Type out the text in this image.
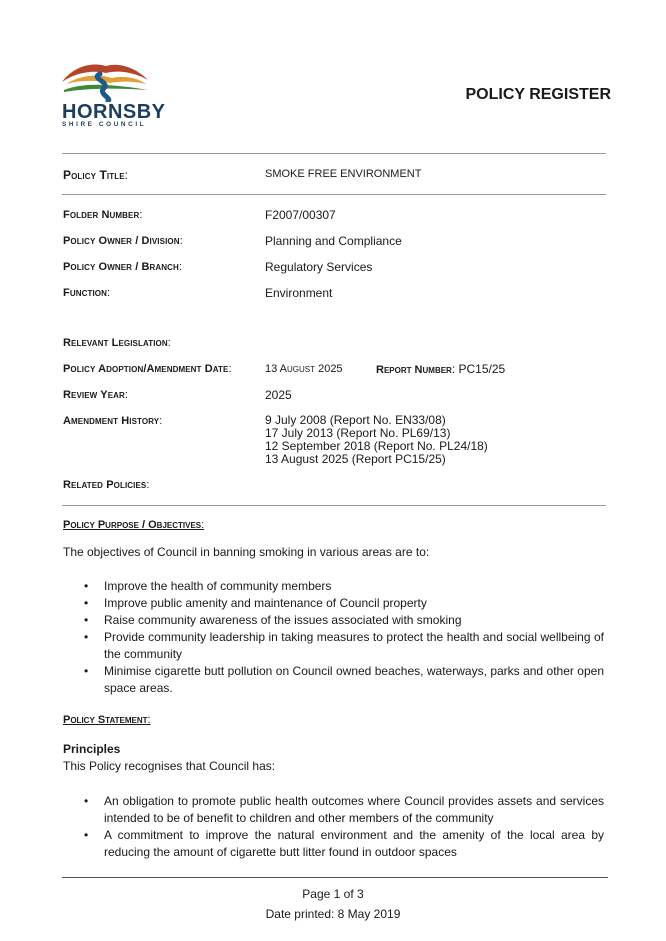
HORNSBY
SHIRE COUNCIL
POLICY REGISTER
Policy Title:	SMOKE FREE ENVIRONMENT
Folder Number:	F2007/00307
Policy Owner / Division:	Planning and Compliance
Policy Owner / Branch:	Regulatory Services
Function:	Environment
Relevant Legislation:
Policy Adoption/Amendment Date:	13 August 2025	Report Number: PC15/25
Review Year:	2025
Amendment History:	9 July 2008 (Report No. EN33/08)
17 July 2013 (Report No. PL69/13)
12 September 2018 (Report No. PL24/18)
13 August 2025 (Report PC15/25)
Related Policies:
Policy Purpose / Objectives:
The objectives of Council in banning smoking in various areas are to:
• Improve the health of community members
• Improve public amenity and maintenance of Council property
• Raise community awareness of the issues associated with smoking
• Provide community leadership in taking measures to protect the health and social wellbeing of the community
• Minimise cigarette butt pollution on Council owned beaches, waterways, parks and other open space areas.
Policy Statement:
Principles
This Policy recognises that Council has:
• An obligation to promote public health outcomes where Council provides assets and services intended to be of benefit to children and other members of the community
• A commitment to improve the natural environment and the amenity of the local area by reducing the amount of cigarette butt litter found in outdoor spaces
Page 1 of 3
Date printed: 8 May 2019
